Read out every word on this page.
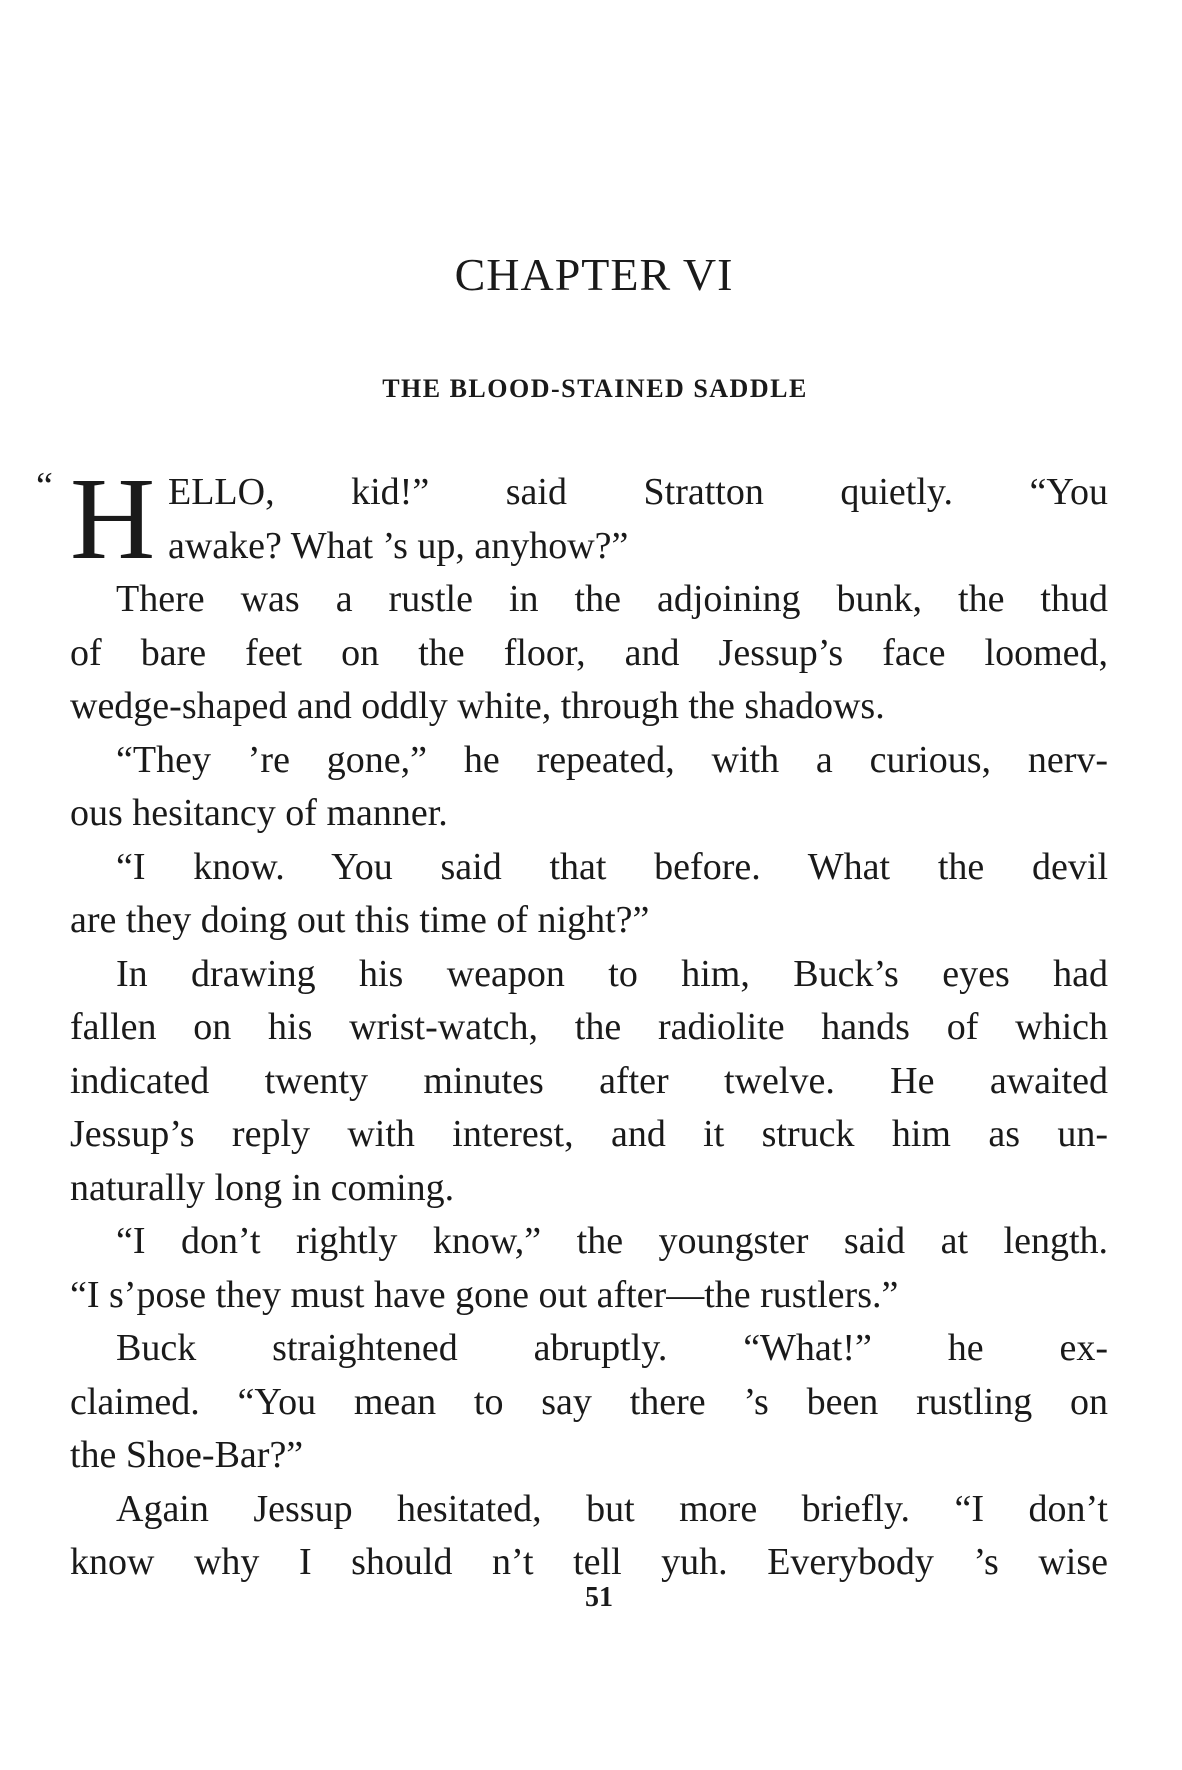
CHAPTER VI
THE BLOOD-STAINED SADDLE
“ H ELLO, kid!” said Stratton quietly. “You
awake? What ’s up, anyhow?”
There was a rustle in the adjoining bunk, the thud
of bare feet on the floor, and Jessup’s face loomed,
wedge-shaped and oddly white, through the shadows.
“They ’re gone,” he repeated, with a curious, nerv-
ous hesitancy of manner.
“I know. You said that before. What the devil
are they doing out this time of night?”
In drawing his weapon to him, Buck’s eyes had
fallen on his wrist-watch, the radiolite hands of which
indicated twenty minutes after twelve. He awaited
Jessup’s reply with interest, and it struck him as un-
naturally long in coming.
“I don’t rightly know,” the youngster said at length.
“I s’pose they must have gone out after—the rustlers.”
Buck straightened abruptly. “What!” he ex-
claimed. “You mean to say there ’s been rustling on
the Shoe-Bar?”
Again Jessup hesitated, but more briefly. “I don’t
know why I should n’t tell yuh. Everybody ’s wise
51
